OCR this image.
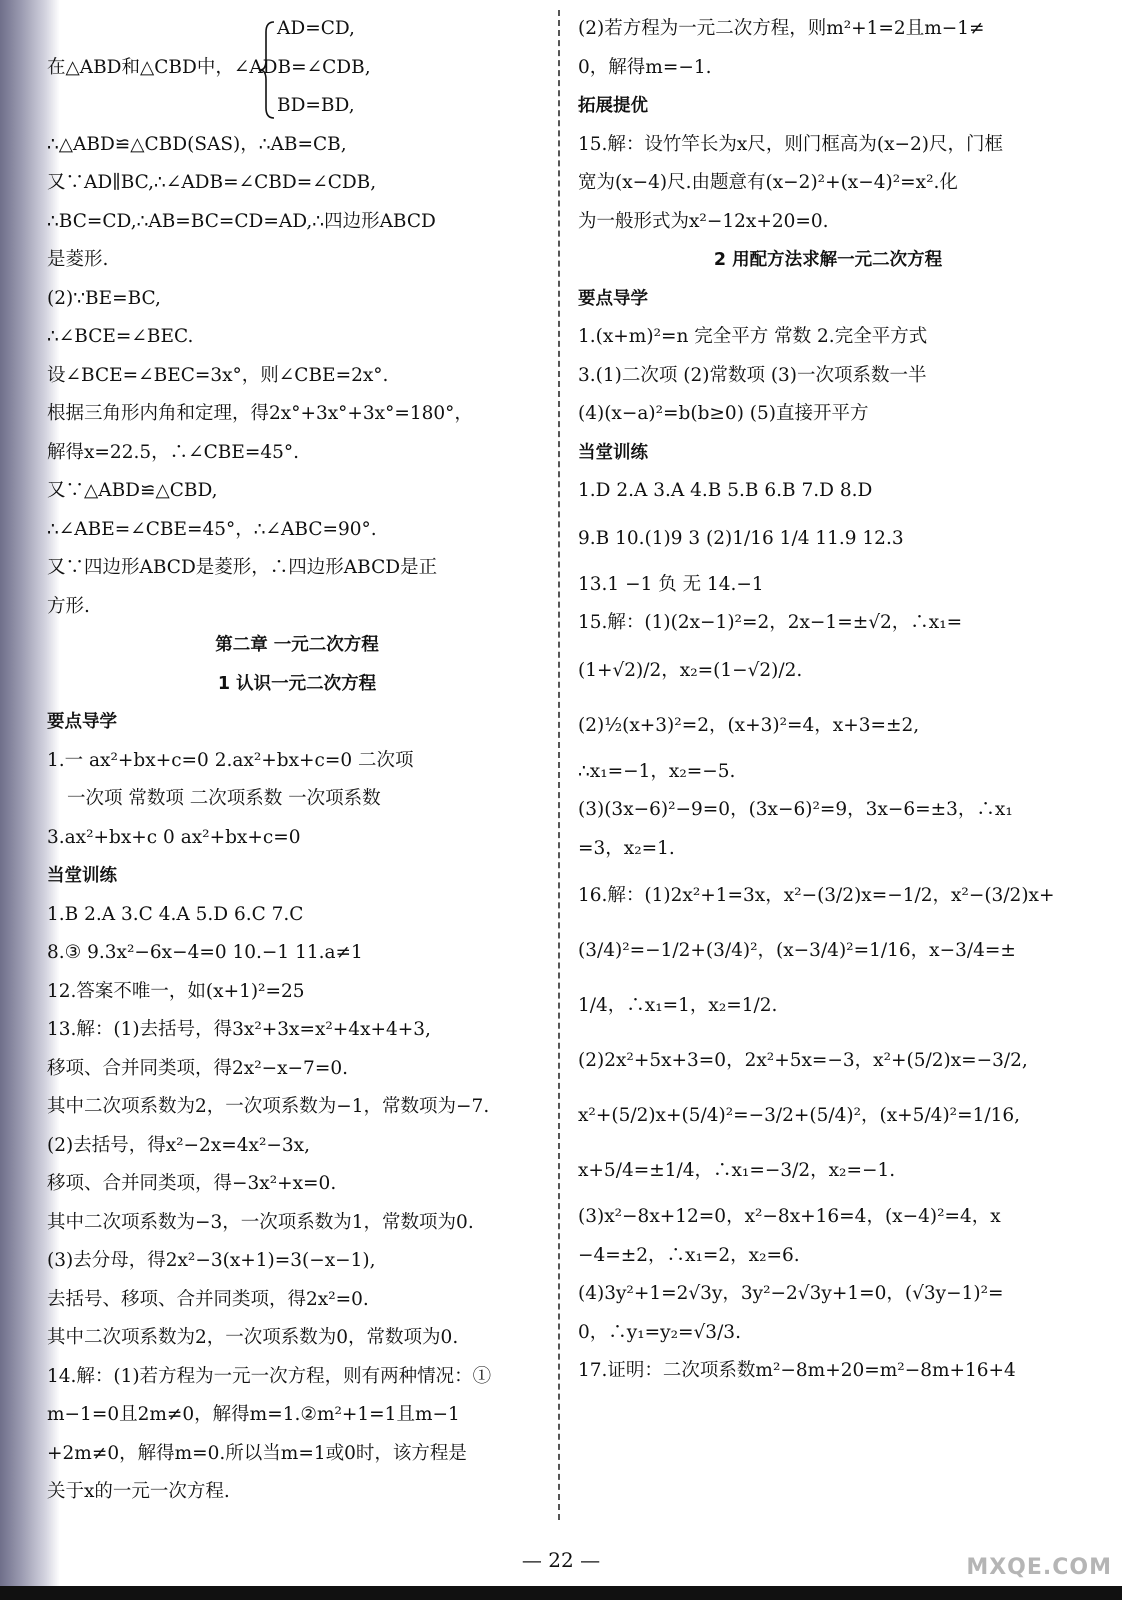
AD=CD,
在△ABD和△CBD中，∠ADB=∠CDB,
BD=BD,
∴△ABD≌△CBD(SAS)，∴AB=CB,
又∵AD∥BC,∴∠ADB=∠CBD=∠CDB,
∴BC=CD,∴AB=BC=CD=AD,∴四边形ABCD
是菱形.
(2)∵BE=BC,
∴∠BCE=∠BEC.
设∠BCE=∠BEC=3x°，则∠CBE=2x°.
根据三角形内角和定理，得2x°+3x°+3x°=180°，
解得x=22.5，∴∠CBE=45°.
又∵△ABD≌△CBD,
∴∠ABE=∠CBE=45°，∴∠ABC=90°.
又∵四边形ABCD是菱形，∴四边形ABCD是正
方形.
第二章 一元二次方程
1 认识一元二次方程
要点导学
1.一 ax²+bx+c=0 2.ax²+bx+c=0 二次项
一次项 常数项 二次项系数 一次项系数
3.ax²+bx+c 0 ax²+bx+c=0
当堂训练
1.B 2.A 3.C 4.A 5.D 6.C 7.C
8.③ 9.3x²−6x−4=0 10.−1 11.a≠1
12.答案不唯一，如(x+1)²=25
13.解：(1)去括号，得3x²+3x=x²+4x+4+3,
移项、合并同类项，得2x²−x−7=0.
其中二次项系数为2，一次项系数为−1，常数项为−7.
(2)去括号，得x²−2x=4x²−3x,
移项、合并同类项，得−3x²+x=0.
其中二次项系数为−3，一次项系数为1，常数项为0.
(3)去分母，得2x²−3(x+1)=3(−x−1),
去括号、移项、合并同类项，得2x²=0.
其中二次项系数为2，一次项系数为0，常数项为0.
14.解：(1)若方程为一元一次方程，则有两种情况：①
m−1=0且2m≠0，解得m=1.②m²+1=1且m−1
+2m≠0，解得m=0.所以当m=1或0时，该方程是
关于x的一元一次方程.
(2)若方程为一元二次方程，则m²+1=2且m−1≠
0，解得m=−1.
拓展提优
15.解：设竹竿长为x尺，则门框高为(x−2)尺，门框
宽为(x−4)尺.由题意有(x−2)²+(x−4)²=x².化
为一般形式为x²−12x+20=0.
2 用配方法求解一元二次方程
要点导学
1.(x+m)²=n 完全平方 常数 2.完全平方式
3.(1)二次项 (2)常数项 (3)一次项系数一半
(4)(x−a)²=b(b≥0) (5)直接开平方
当堂训练
1.D 2.A 3.A 4.B 5.B 6.B 7.D 8.D
9.B 10.(1)9 3 (2)1/16 1/4 11.9 12.3
13.1 −1 负 无 14.−1
15.解：(1)(2x−1)²=2，2x−1=±√2，∴x₁=
(1+√2)/2，x₂=(1−√2)/2.
(2)½(x+3)²=2，(x+3)²=4，x+3=±2,
∴x₁=−1，x₂=−5.
(3)(3x−6)²−9=0，(3x−6)²=9，3x−6=±3，∴x₁
=3，x₂=1.
16.解：(1)2x²+1=3x，x²−(3/2)x=−1/2，x²−(3/2)x+
(3/4)²=−1/2+(3/4)²，(x−3/4)²=1/16，x−3/4=±
1/4，∴x₁=1，x₂=1/2.
(2)2x²+5x+3=0，2x²+5x=−3，x²+(5/2)x=−3/2,
x²+(5/2)x+(5/4)²=−3/2+(5/4)²，(x+5/4)²=1/16,
x+5/4=±1/4，∴x₁=−3/2，x₂=−1.
(3)x²−8x+12=0，x²−8x+16=4，(x−4)²=4，x
−4=±2，∴x₁=2，x₂=6.
(4)3y²+1=2√3y，3y²−2√3y+1=0，(√3y−1)²=
0，∴y₁=y₂=√3/3.
17.证明：二次项系数m²−8m+20=m²−8m+16+4
— 22 —	MXQE.COM
